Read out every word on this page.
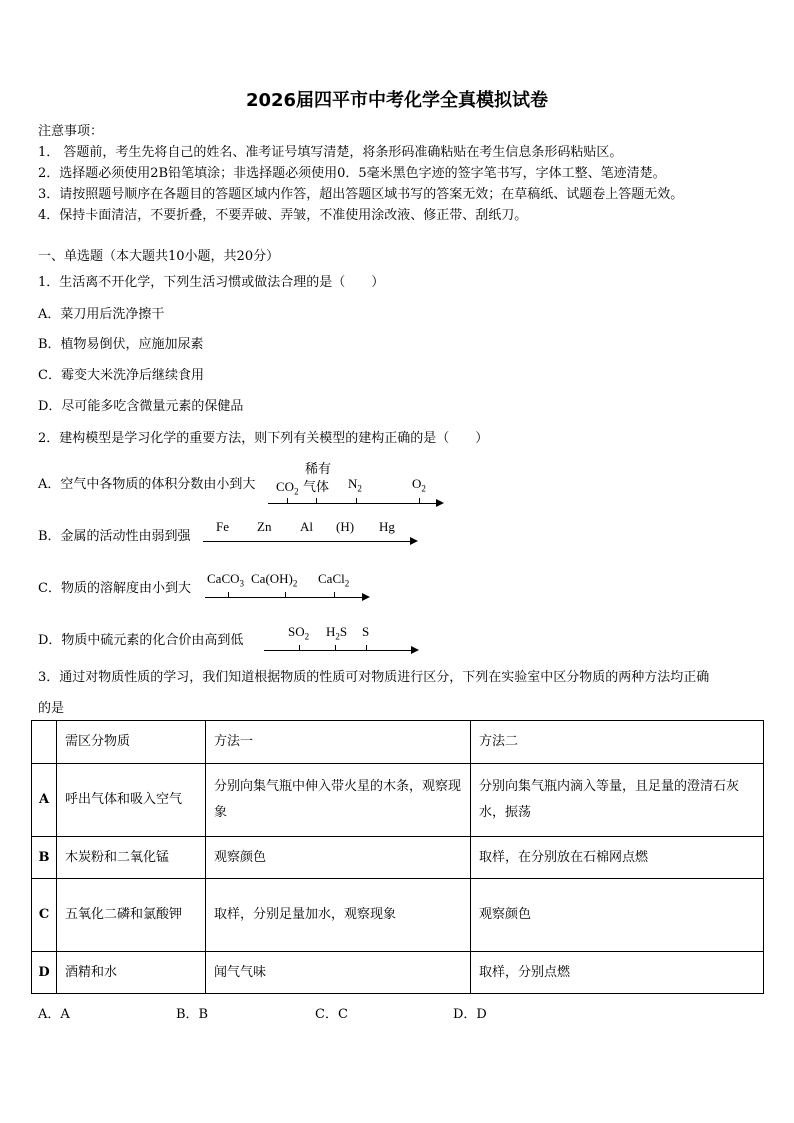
2026届四平市中考化学全真模拟试卷
注意事项：
1． 答题前，考生先将自己的姓名、准考证号填写清楚，将条形码准确粘贴在考生信息条形码粘贴区。
2．选择题必须使用2B铅笔填涂；非选择题必须使用0．5毫米黑色字迹的签字笔书写，字体工整、笔迹清楚。
3．请按照题号顺序在各题目的答题区域内作答，超出答题区域书写的答案无效；在草稿纸、试题卷上答题无效。
4．保持卡面清洁，不要折叠，不要弄破、弄皱，不准使用涂改液、修正带、刮纸刀。
一、单选题（本大题共10小题，共20分）
1．生活离不开化学，下列生活习惯或做法合理的是（　　）
A．菜刀用后洗净擦干
B．植物易倒伏，应施加尿素
C．霉变大米洗净后继续食用
D．尽可能多吃含微量元素的保健品
2．建构模型是学习化学的重要方法，则下列有关模型的建构正确的是（　　）
A．空气中各物质的体积分数由小到大 $CO_2$
稀有
气体 $N_2$	$O_2$
B．金属的活动性由弱到强
Fe Zn Al (H) Hg
C．物质的溶解度由小到大
CaCO$_3$ $Ca(OH)_2$ CaCl$_2$
D．物质中硫元素的化合价由高到低
$SO_2$ $H_2S$ S
3．通过对物质性质的学习，我们知道根据物质的性质可对物质进行区分，下列在实验室中区分物质的两种方法均正确
的是
	需区分物质	方法一	方法二
A	呼出气体和吸入空气	分别向集气瓶中伸入带火星的木条，观察现象	分别向集气瓶内滴入等量，且足量的澄清石灰水，振荡
B	木炭粉和二氧化锰	观察颜色	取样，在分别放在石棉网点燃
C	五氧化二磷和氯酸钾	取样，分别足量加水，观察现象	观察颜色
D	酒精和水	闻气气味	取样，分别点燃
A．A	B．B	C．C	D．D
